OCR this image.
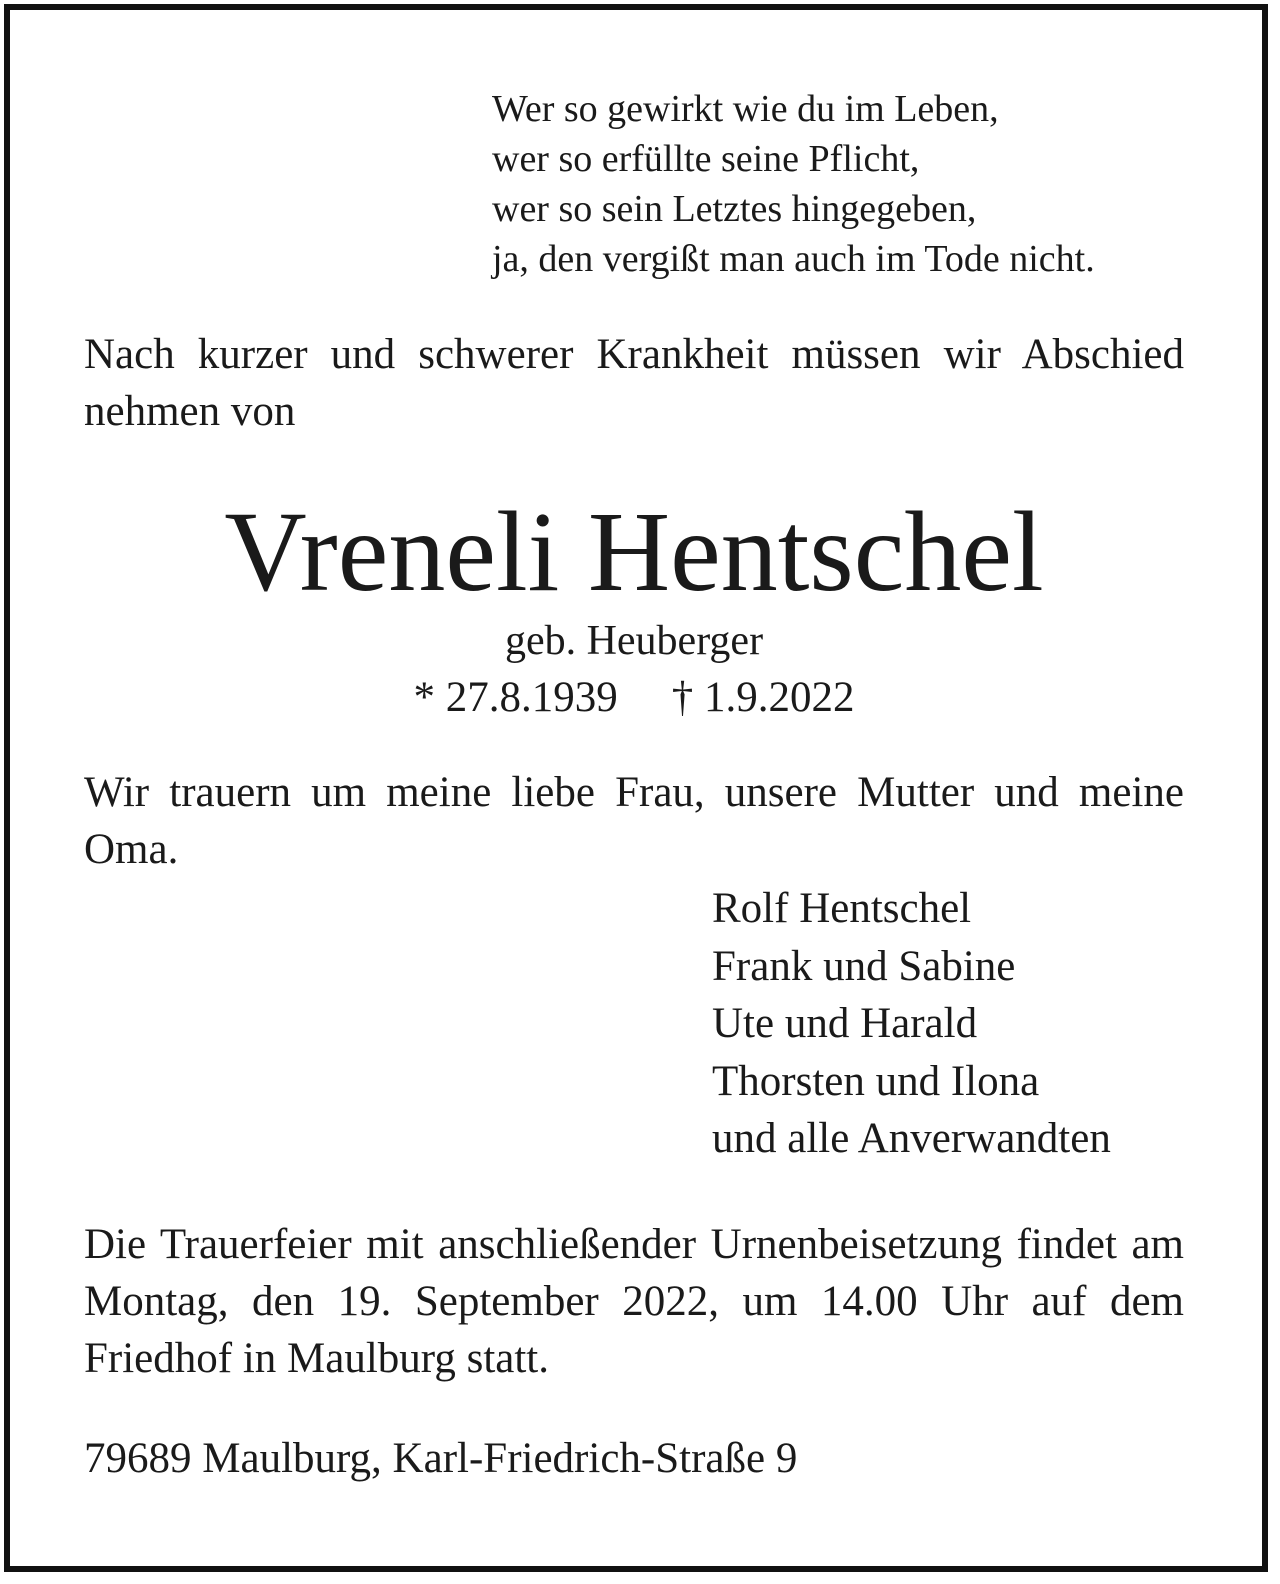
Wer so gewirkt wie du im Leben,
wer so erfüllte seine Pflicht,
wer so sein Letztes hingegeben,
ja, den vergißt man auch im Tode nicht.
Nach kurzer und schwerer Krankheit müssen wir Abschied nehmen von
Vreneli Hentschel
geb. Heuberger
* 27.8.1939 † 1.9.2022
Wir trauern um meine liebe Frau, unsere Mutter und meine Oma.
Rolf Hentschel
Frank und Sabine
Ute und Harald
Thorsten und Ilona
und alle Anverwandten
Die Trauerfeier mit anschließender Urnenbeisetzung findet am Montag, den 19. September 2022, um 14.00 Uhr auf dem Friedhof in Maulburg statt.
79689 Maulburg, Karl-Friedrich-Straße 9
